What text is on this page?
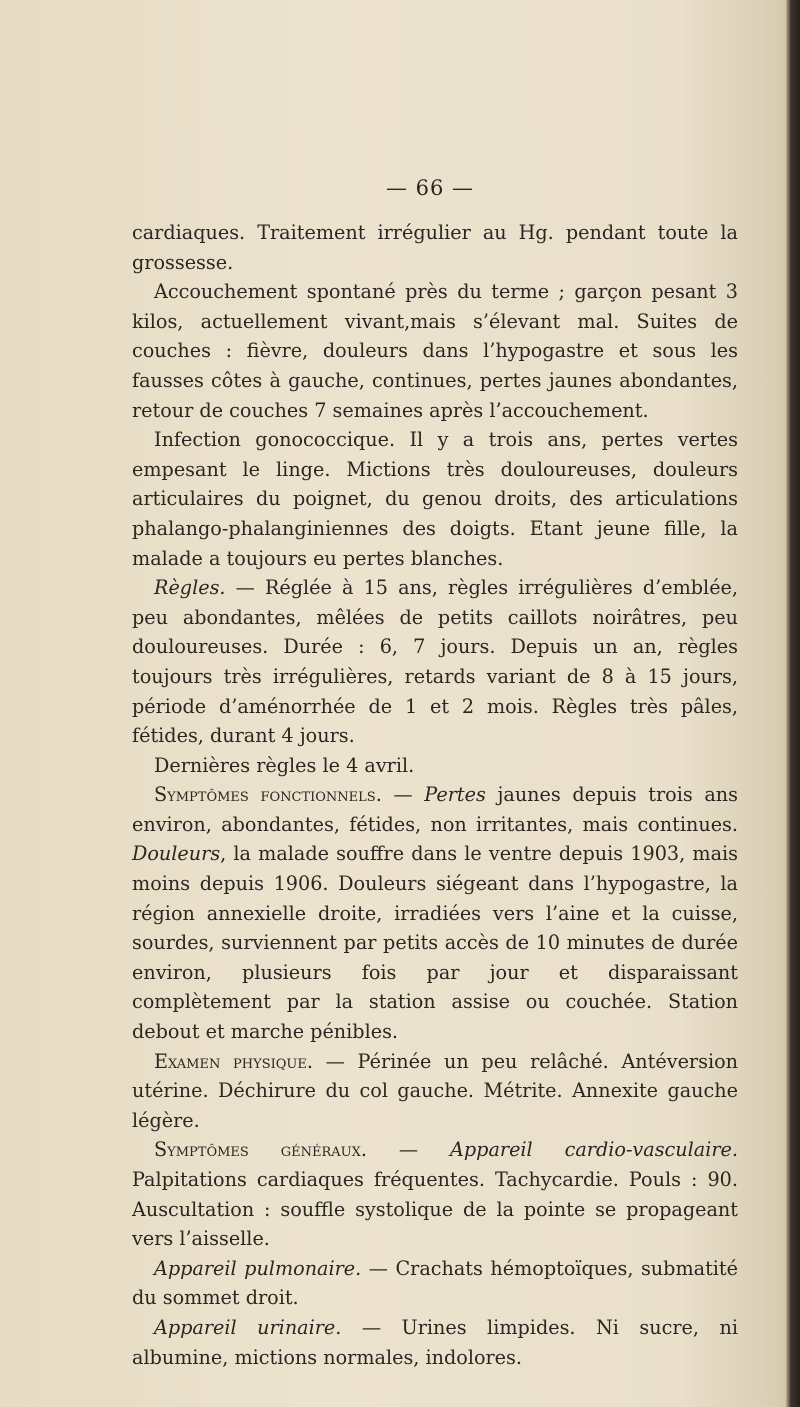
— 66 —

cardiaques. Traitement irrégulier au Hg. pendant toute la grossesse.

Accouchement spontané près du terme ; garçon pesant 3 kilos, actuellement vivant,mais s’élevant mal. Suites de couches : fièvre, douleurs dans l’hypogastre et sous les fausses côtes à gauche, continues, pertes jaunes abondantes, retour de couches 7 semaines après l’accouchement.

Infection gonococcique. Il y a trois ans, pertes vertes empesant le linge. Mictions très douloureuses, douleurs articulaires du poignet, du genou droits, des articulations phalango-phalanginiennes des doigts. Etant jeune fille, la malade a toujours eu pertes blanches.

Règles. — Réglée à 15 ans, règles irrégulières d’emblée, peu abondantes, mêlées de petits caillots noirâtres, peu douloureuses. Durée : 6, 7 jours. Depuis un an, règles toujours très irrégulières, retards variant de 8 à 15 jours, période d’aménorrhée de 1 et 2 mois. Règles très pâles, fétides, durant 4 jours.

Dernières règles le 4 avril.

Symptômes fonctionnels. — Pertes jaunes depuis trois ans environ, abondantes, fétides, non irritantes, mais continues. Douleurs, la malade souffre dans le ventre depuis 1903, mais moins depuis 1906. Douleurs siégeant dans l’hypogastre, la région annexielle droite, irradiées vers l’aine et la cuisse, sourdes, surviennent par petits accès de 10 minutes de durée environ, plusieurs fois par jour et disparaissant complètement par la station assise ou couchée. Station debout et marche pénibles.

Examen physique. — Périnée un peu relâché. Antéversion utérine. Déchirure du col gauche. Métrite. Annexite gauche légère.

Symptômes généraux. — Appareil cardio-vasculaire. Palpitations cardiaques fréquentes. Tachycardie. Pouls : 90. Auscultation : souffle systolique de la pointe se propageant vers l’aisselle.

Appareil pulmonaire. — Crachats hémoptoïques, submatité du sommet droit.

Appareil urinaire. — Urines limpides. Ni sucre, ni albumine, mictions normales, indolores.
